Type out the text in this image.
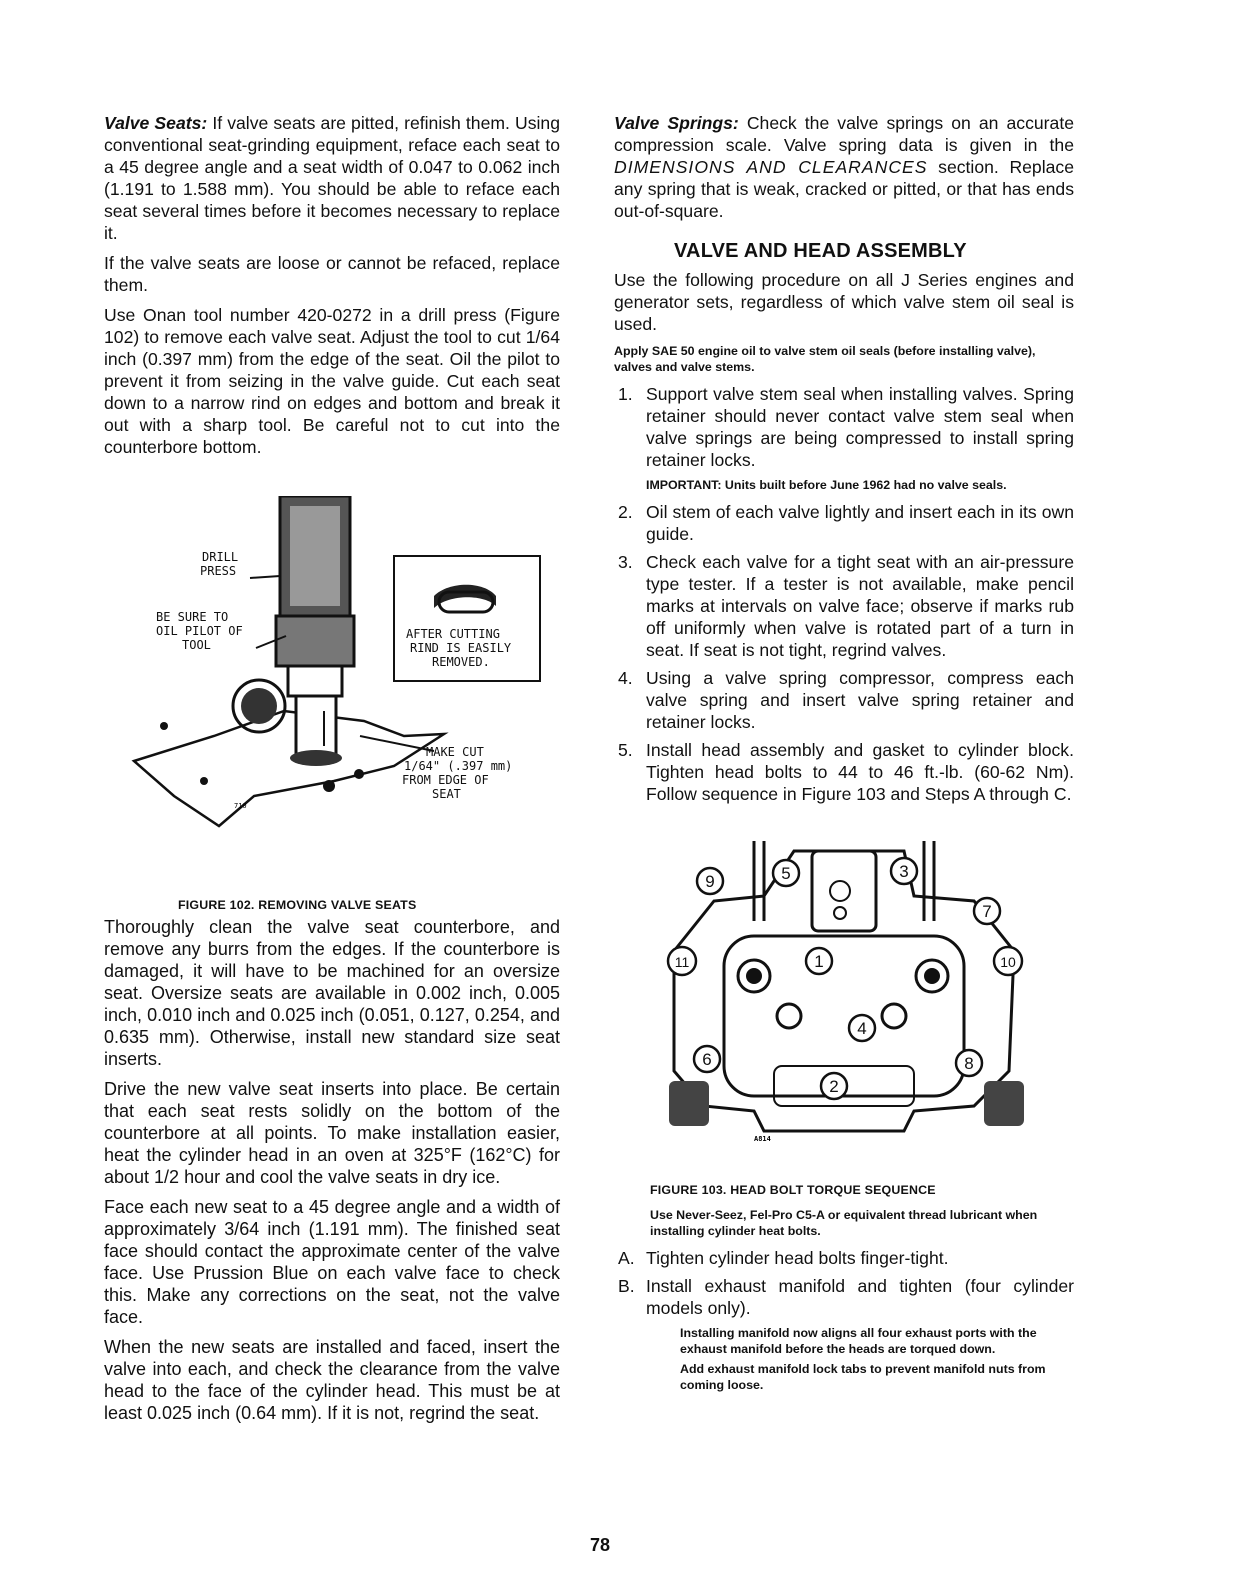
Valve Seats: If valve seats are pitted, refinish them. Using conventional seat-grinding equipment, reface each seat to a 45 degree angle and a seat width of 0.047 to 0.062 inch (1.191 to 1.588 mm). You should be able to reface each seat several times before it becomes necessary to replace it.

If the valve seats are loose or cannot be refaced, replace them.

Use Onan tool number 420-0272 in a drill press (Figure 102) to remove each valve seat. Adjust the tool to cut 1/64 inch (0.397 mm) from the edge of the seat. Oil the pilot to prevent it from seizing in the valve guide. Cut each seat down to a narrow rind on edges and bottom and break it out with a sharp tool. Be careful not to cut into the counterbore bottom.

DRILL PRESS
BE SURE TO OIL PILOT OF TOOL
AFTER CUTTING RIND IS EASILY REMOVED.
MAKE CUT 1/64" (.397 mm) FROM EDGE OF SEAT
710
FIGURE 102. REMOVING VALVE SEATS

Thoroughly clean the valve seat counterbore, and remove any burrs from the edges. If the counterbore is damaged, it will have to be machined for an oversize seat. Oversize seats are available in 0.002 inch, 0.005 inch, 0.010 inch and 0.025 inch (0.051, 0.127, 0.254, and 0.635 mm). Otherwise, install new standard size seat inserts.

Drive the new valve seat inserts into place. Be certain that each seat rests solidly on the bottom of the counterbore at all points. To make installation easier, heat the cylinder head in an oven at 325°F (162°C) for about 1/2 hour and cool the valve seats in dry ice.

Face each new seat to a 45 degree angle and a width of approximately 3/64 inch (1.191 mm). The finished seat face should contact the approximate center of the valve face. Use Prussion Blue on each valve face to check this. Make any corrections on the seat, not the valve face.

When the new seats are installed and faced, insert the valve into each, and check the clearance from the valve head to the face of the cylinder head. This must be at least 0.025 inch (0.64 mm). If it is not, regrind the seat.

Valve Springs: Check the valve springs on an accurate compression scale. Valve spring data is given in the DIMENSIONS AND CLEARANCES section. Replace any spring that is weak, cracked or pitted, or that has ends out-of-square.

VALVE AND HEAD ASSEMBLY

Use the following procedure on all J Series engines and generator sets, regardless of which valve stem oil seal is used.

Apply SAE 50 engine oil to valve stem oil seals (before installing valve), valves and valve stems.
1. Support valve stem seal when installing valves. Spring retainer should never contact valve stem seal when valve springs are being compressed to install spring retainer locks.
IMPORTANT: Units built before June 1962 had no valve seals.
2. Oil stem of each valve lightly and insert each in its own guide.
3. Check each valve for a tight seat with an air-pressure type tester. If a tester is not available, make pencil marks at intervals on valve face; observe if marks rub off uniformly when valve is rotated part of a turn in seat. If seat is not tight, regrind valves.
4. Using a valve spring compressor, compress each valve spring and insert valve spring retainer and retainer locks.
5. Install head assembly and gasket to cylinder block. Tighten head bolts to 44 to 46 ft.-lb. (60-62 Nm). Follow sequence in Figure 103 and Steps A through C.
1
2
3
4
5
6
7
8
9
10
11
A814
FIGURE 103. HEAD BOLT TORQUE SEQUENCE
Use Never-Seez, Fel-Pro C5-A or equivalent thread lubricant when installing cylinder heat bolts.
A. Tighten cylinder head bolts finger-tight.
B. Install exhaust manifold and tighten (four cylinder models only).
Installing manifold now aligns all four exhaust ports with the exhaust manifold before the heads are torqued down.
Add exhaust manifold lock tabs to prevent manifold nuts from coming loose.
78
